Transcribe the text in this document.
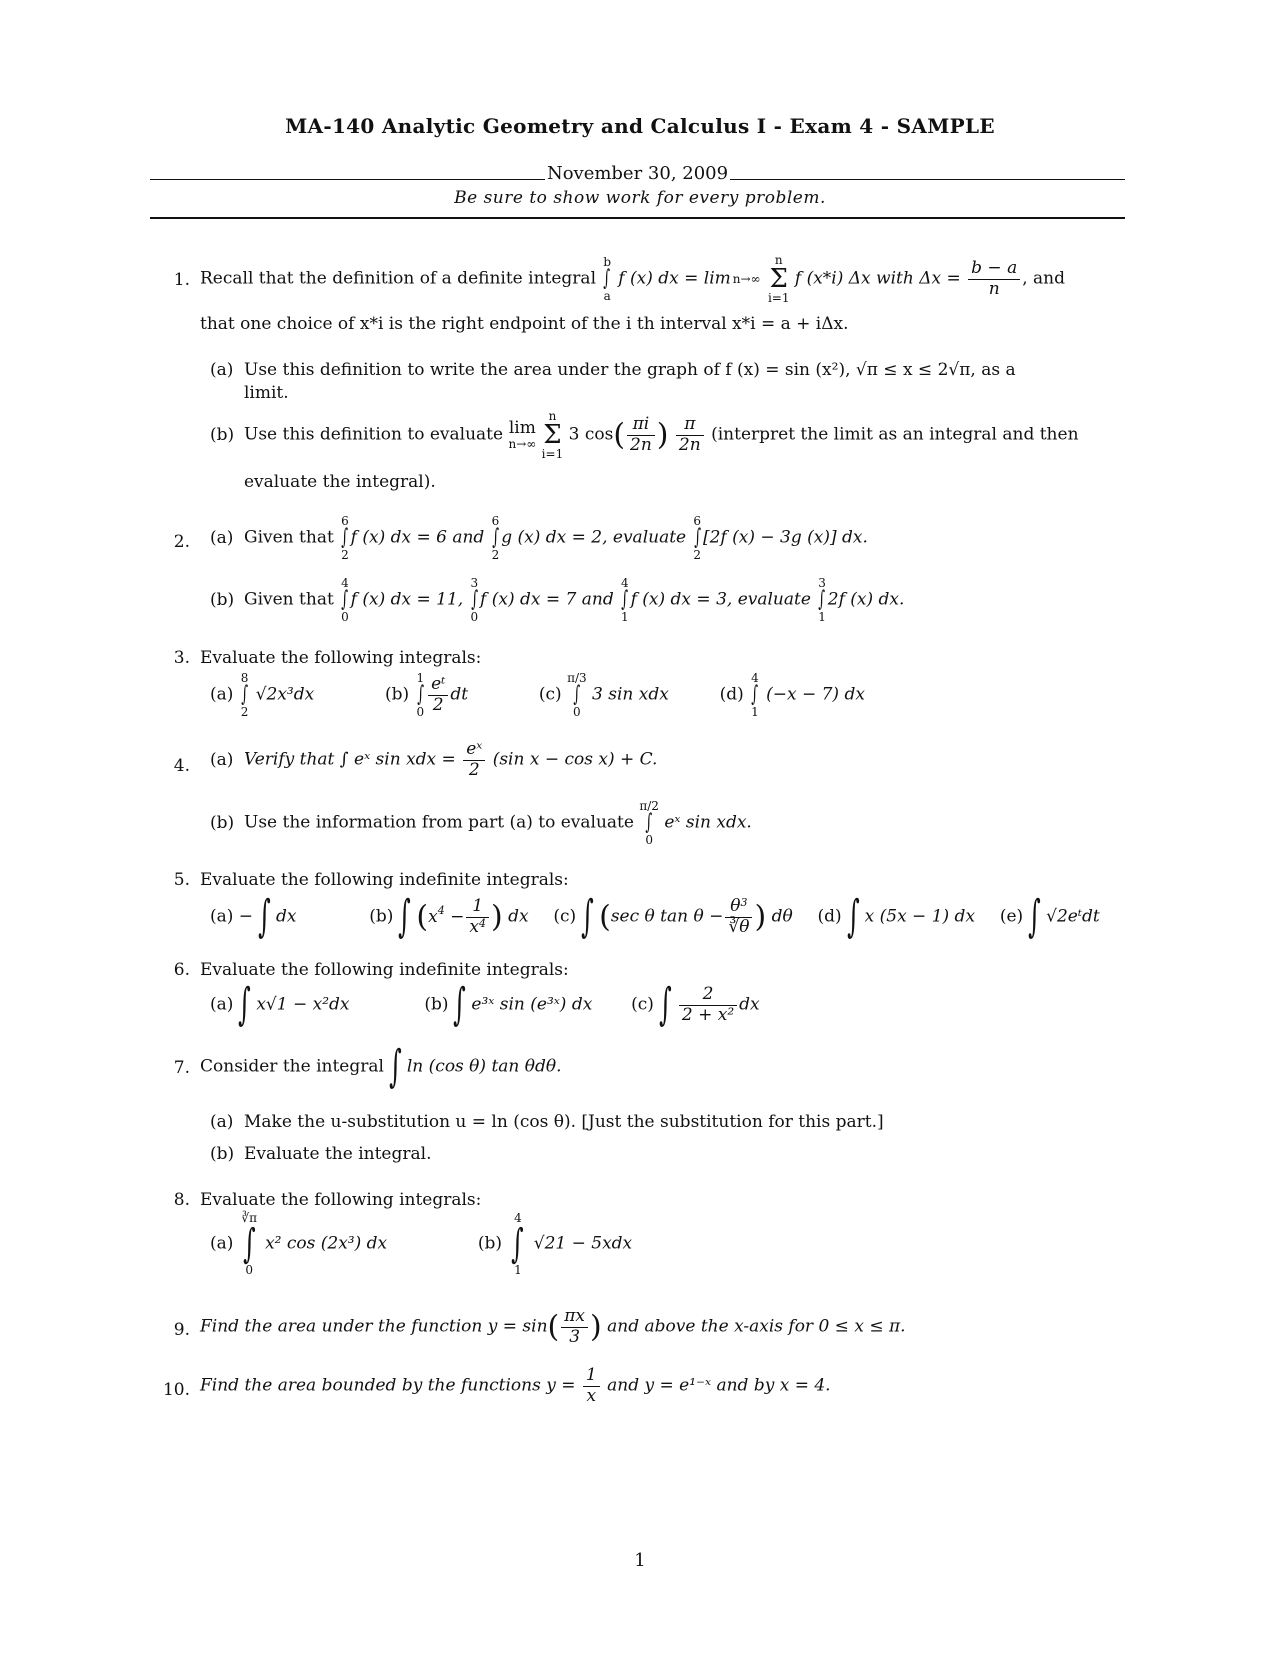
MA-140 Analytic Geometry and Calculus I - Exam 4 - SAMPLE
November 30, 2009
Be sure to show work for every problem.
1. Recall that the definition of a definite integral
b
∫
a
f (x) dx = lim n→∞
n
Σ
i=1
f (x*i) Δx with $\Delta x = \frac{b - a}{n}$ , and
that one choice of x*i is the right endpoint of the i th interval x*i = a + iΔx.
(a) Use this definition to write the area under the graph of f (x) = sin (x²), √π ≤ x ≤ 2√π, as a
limit.
(b) Use this definition to evaluate lim
n→∞

n
Σ
i=1
3 $\cos( \frac{\pi i}{2n}$ ) $\frac{\pi}{2n}$ (interpret the limit as an integral and then
evaluate the integral).
2. (a) Given that
6
∫
2
f (x) dx = 6 and
6
∫
2
g (x) dx = 2, evaluate
6
∫
2
[2f (x) − 3g (x)] dx.
(b) Given that
4
∫
0
f (x) dx = 11,
3
∫
0
f (x) dx = 7 and
4
∫
1
f (x) dx = 3, evaluate
3
∫
1
2f (x) dx.
3. Evaluate the following integrals:
(a)
8
∫
2
√2x³dx	(b)
1
∫
$0 \frac{\text{eᵗ}}{2}$ dt	(c)
π/3
∫
0
3 sin xdx	(d)
4
∫
1
(−x − 7) dx
4. (a) Verify that ∫ eˣ sin xdx = $\frac{\text{eˣ}}{2} (\sin$ x − cos x) + C.
(b) Use the information from part (a) to evaluate
π/2
∫
0
eˣ sin xdx.
5. Evaluate the following indefinite integrals:
(a) − ∫ dx	(b) ∫ ($x^4 - \frac{1}{x^4}$ ) dx (c) ∫ (sec θ $\tan \theta - \frac{\theta^3}{∛\theta}$ ) dθ (d) ∫ x (5x − 1) dx (e) ∫ √2eᵗdt
6. Evaluate the following indefinite integrals:
(a) ∫ x√1 − x²dx	(b) ∫ e³ˣ sin (e³ˣ) dx (c) ∫ $\frac{2}{\text{2 + x²}}$ dx
7. Consider the integral ∫ ln (cos θ) tan θdθ.
(a) Make the u-substitution u = ln (cos θ). [Just the substitution for this part.]
(b) Evaluate the integral.
8. Evaluate the following integrals:
(a)
∛π
∫
0
x² cos (2x³) dx	(b)
4
∫
1
√21 − 5xdx
9. Find the area under the function $y = \sin( \frac{\pi x}{3}$ ) and above the x-axis for 0 ≤ x ≤ π.
10. Find the area bounded by the functions $y = \frac{1}{x}$ and y = e¹⁻ˣ and by x = 4.
1
